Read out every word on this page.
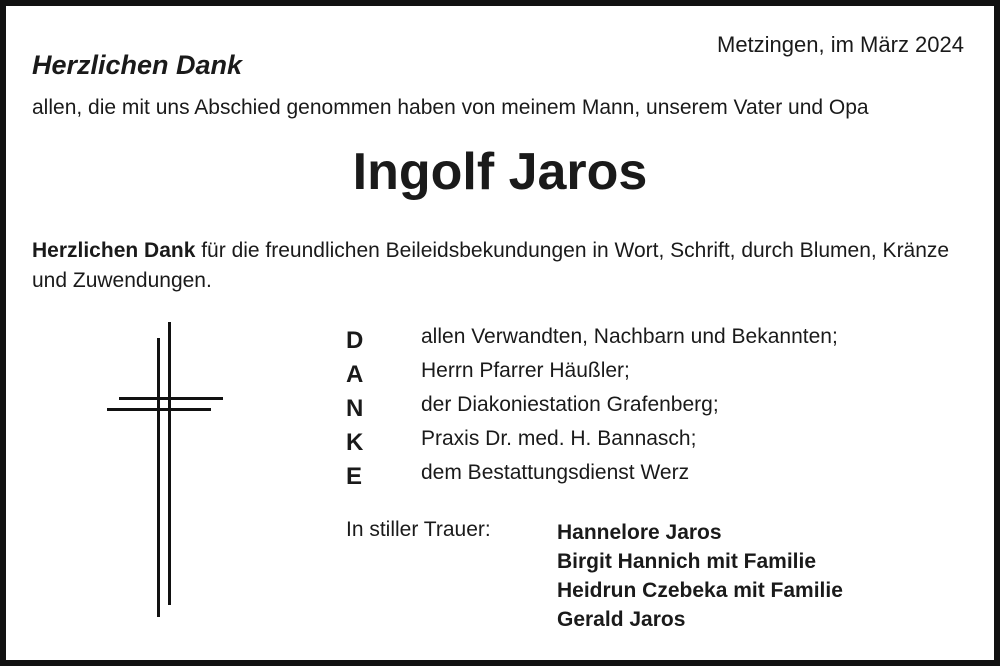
Metzingen, im März 2024
Herzlichen Dank
allen, die mit uns Abschied genommen haben von meinem Mann, unserem Vater und Opa
Ingolf Jaros
Herzlichen Dank für die freundlichen Beileidsbekundungen in Wort, Schrift, durch Blumen, Kränze und Zuwendungen.
D
A
N
K
E
allen Verwandten, Nachbarn und Bekannten;
Herrn Pfarrer Häußler;
der Diakoniestation Grafenberg;
Praxis Dr. med. H. Bannasch;
dem Bestattungsdienst Werz
In stiller Trauer:	Hannelore Jaros
Birgit Hannich mit Familie
Heidrun Czebeka mit Familie
Gerald Jaros
